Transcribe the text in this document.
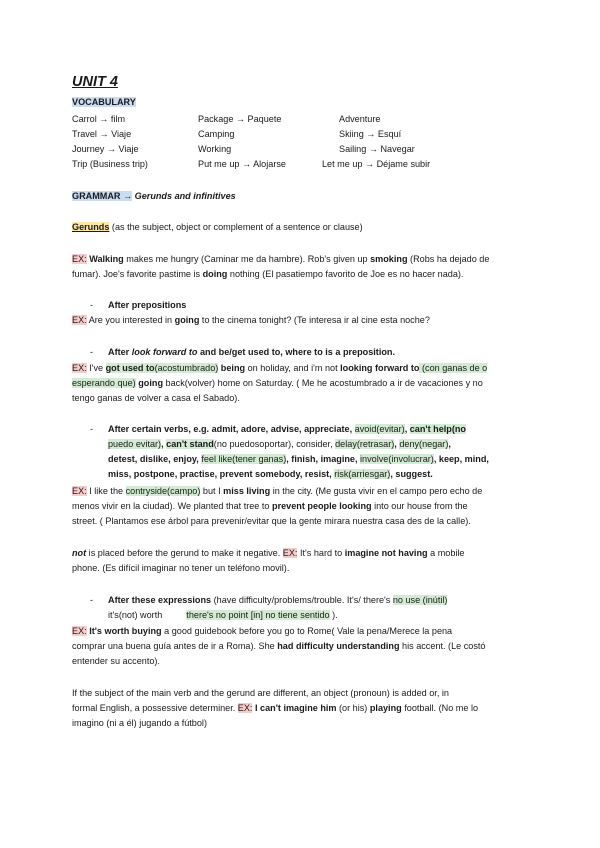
UNIT 4
VOCABULARY
Carrol → film
Travel → Viaje
Journey → Viaje
Trip (Business trip)
Package → Paquete
Camping
Working
Put me up → Alojarse
Adventure
Skiing → Esquí
Sailing → Navegar
Let me up → Déjame subir
GRAMMAR → Gerunds and infinitives
Gerunds (as the subject, object or complement of a sentence or clause)
EX: Walking makes me hungry (Caminar me da hambre). Rob's given up smoking (Robs ha dejado de
fumar). Joe's favorite pastime is doing nothing (El pasatiempo favorito de Joe es no hacer nada).
- After prepositions
EX: Are you interested in going to the cinema tonight? (Te interesa ir al cine esta noche?
- After look forward to and be/get used to, where to is a preposition.
EX: I've got used to(acostumbrado) being on holiday, and i'm not looking forward to (con ganas de o
esperando que) going back(volver) home on Saturday. ( Me he acostumbrado a ir de vacaciones y no
tengo ganas de volver a casa el Sabado).
- After certain verbs, e.g. admit, adore, advise, appreciate, avoid(evitar), can't help(no
puedo evitar), can't stand(no puedosoportar), consider, delay(retrasar), deny(negar),
detest, dislike, enjoy, feel like(tener ganas), finish, imagine, involve(involucrar), keep, mind,
miss, postpone, practise, prevent somebody, resist, risk(arriesgar), suggest.
EX: I like the contryside(campo) but I miss living in the city. (Me gusta vivir en el campo pero echo de
menos vivir en la ciudad). We planted that tree to prevent people looking into our house from the
street. ( Plantamos ese árbol para prevenir/evitar que la gente mirara nuestra casa des de la calle).
not is placed before the gerund to make it negative. EX: It's hard to imagine not having a mobile
phone. (Es difícil imaginar no tener un teléfono movil).
- After these expressions (have difficulty/problems/trouble. It's/ there's no use (inútil)
it's(not) worth	there's no point [in] no tiene sentido ).
EX: It's worth buying a good guidebook before you go to Rome( Vale la pena/Merece la pena
comprar una buena guía antes de ir a Roma). She had difficulty understanding his accent. (Le costó
entender su accento).
If the subject of the main verb and the gerund are different, an object (pronoun) is added or, in
formal English, a possessive determiner. EX: I can't imagine him (or his) playing football. (No me lo
imagino (ni a él) jugando a fútbol)
